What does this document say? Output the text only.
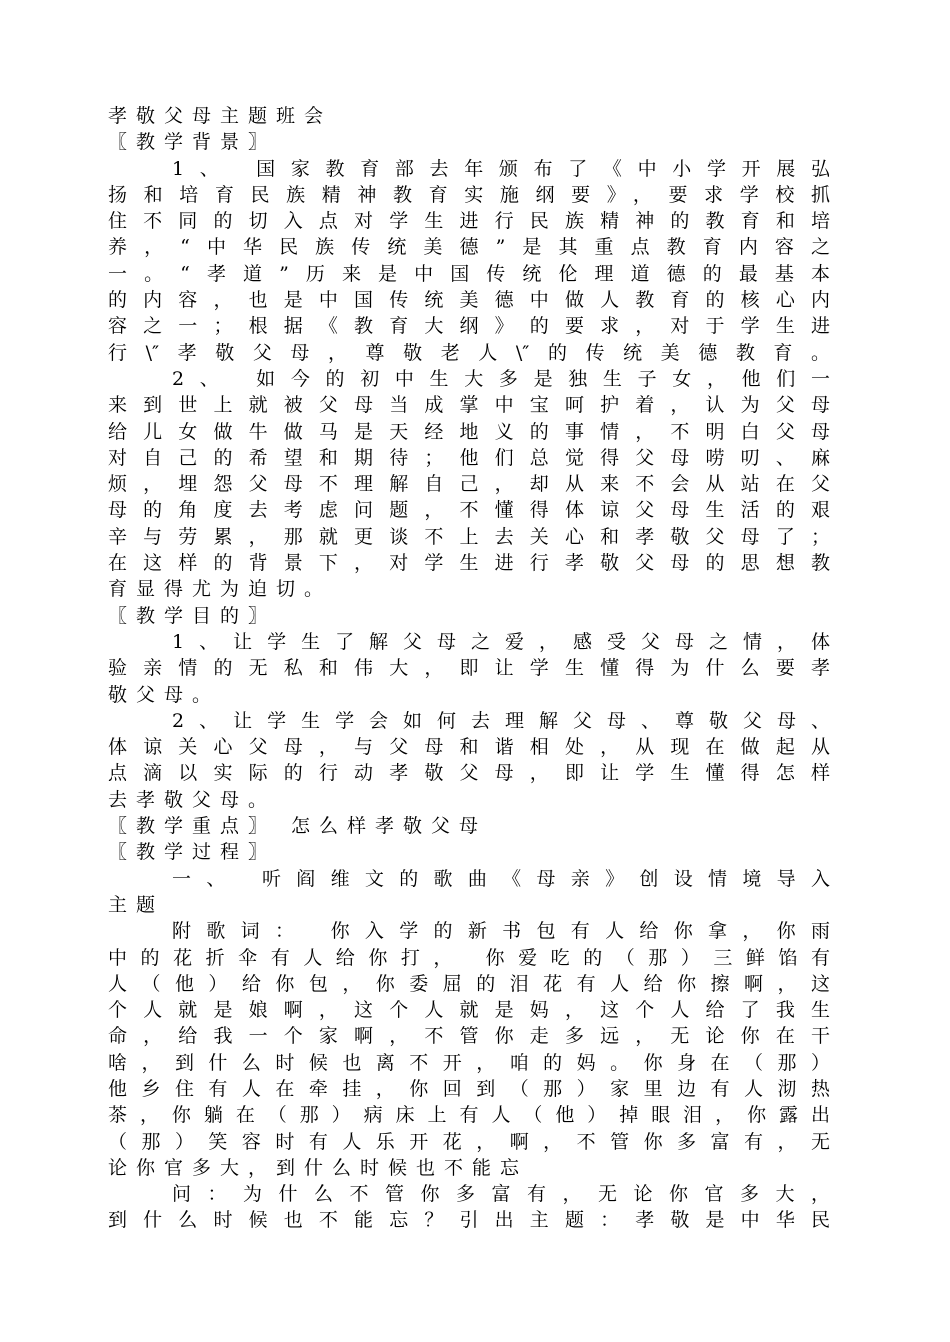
孝敬父母主题班会
〖教学背景〗
1、 国家教育部去年颁布了《中小学开展弘
扬和培育民族精神教育实施纲要》，要求学校抓
住不同的切入点对学生进行民族精神的教育和培
养，“中华民族传统美德”是其重点教育内容之
一。“孝道”历来是中国传统伦理道德的最基本
的内容，也是中国传统美德中做人教育的核心内
容之一；根据《教育大纲》的要求，对于学生进
行\″孝敬父母，尊敬老人\″的传统美德教育。
2、 如今的初中生大多是独生子女，他们一
来到世上就被父母当成掌中宝呵护着，认为父母
给儿女做牛做马是天经地义的事情，不明白父母
对自己的希望和期待；他们总觉得父母唠叨、麻
烦，埋怨父母不理解自己，却从来不会从站在父
母的角度去考虑问题，不懂得体谅父母生活的艰
辛与劳累，那就更谈不上去关心和孝敬父母了；
在这样的背景下，对学生进行孝敬父母的思想教
育显得尤为迫切。
〖教学目的〗
1、让学生了解父母之爱，感受父母之情，体
验亲情的无私和伟大，即让学生懂得为什么要孝
敬父母。
2、让学生学会如何去理解父母、尊敬父母、
体谅关心父母，与父母和谐相处，从现在做起从
点滴以实际的行动孝敬父母，即让学生懂得怎样
去孝敬父母。
〖教学重点〗 怎么样孝敬父母
〖教学过程〗
一、 听阎维文的歌曲《母亲》创设情境导入
主题
附歌词： 你入学的新书包有人给你拿，你雨
中的花折伞有人给你打， 你爱吃的（那）三鲜馅有
人（他）给你包，你委屈的泪花有人给你擦啊，这
个人就是娘啊，这个人就是妈，这个人给了我生
命，给我一个家啊，不管你走多远，无论你在干
啥，到什么时候也离不开，咱的妈。你身在（那）
他乡住有人在牵挂，你回到（那）家里边有人沏热
茶，你躺在（那）病床上有人（他）掉眼泪，你露出
（那）笑容时有人乐开花，啊，不管你多富有，无
论你官多大，到什么时候也不能忘
问：为什么不管你多富有，无论你官多大，
到什么时候也不能忘？引出主题：孝敬是中华民
